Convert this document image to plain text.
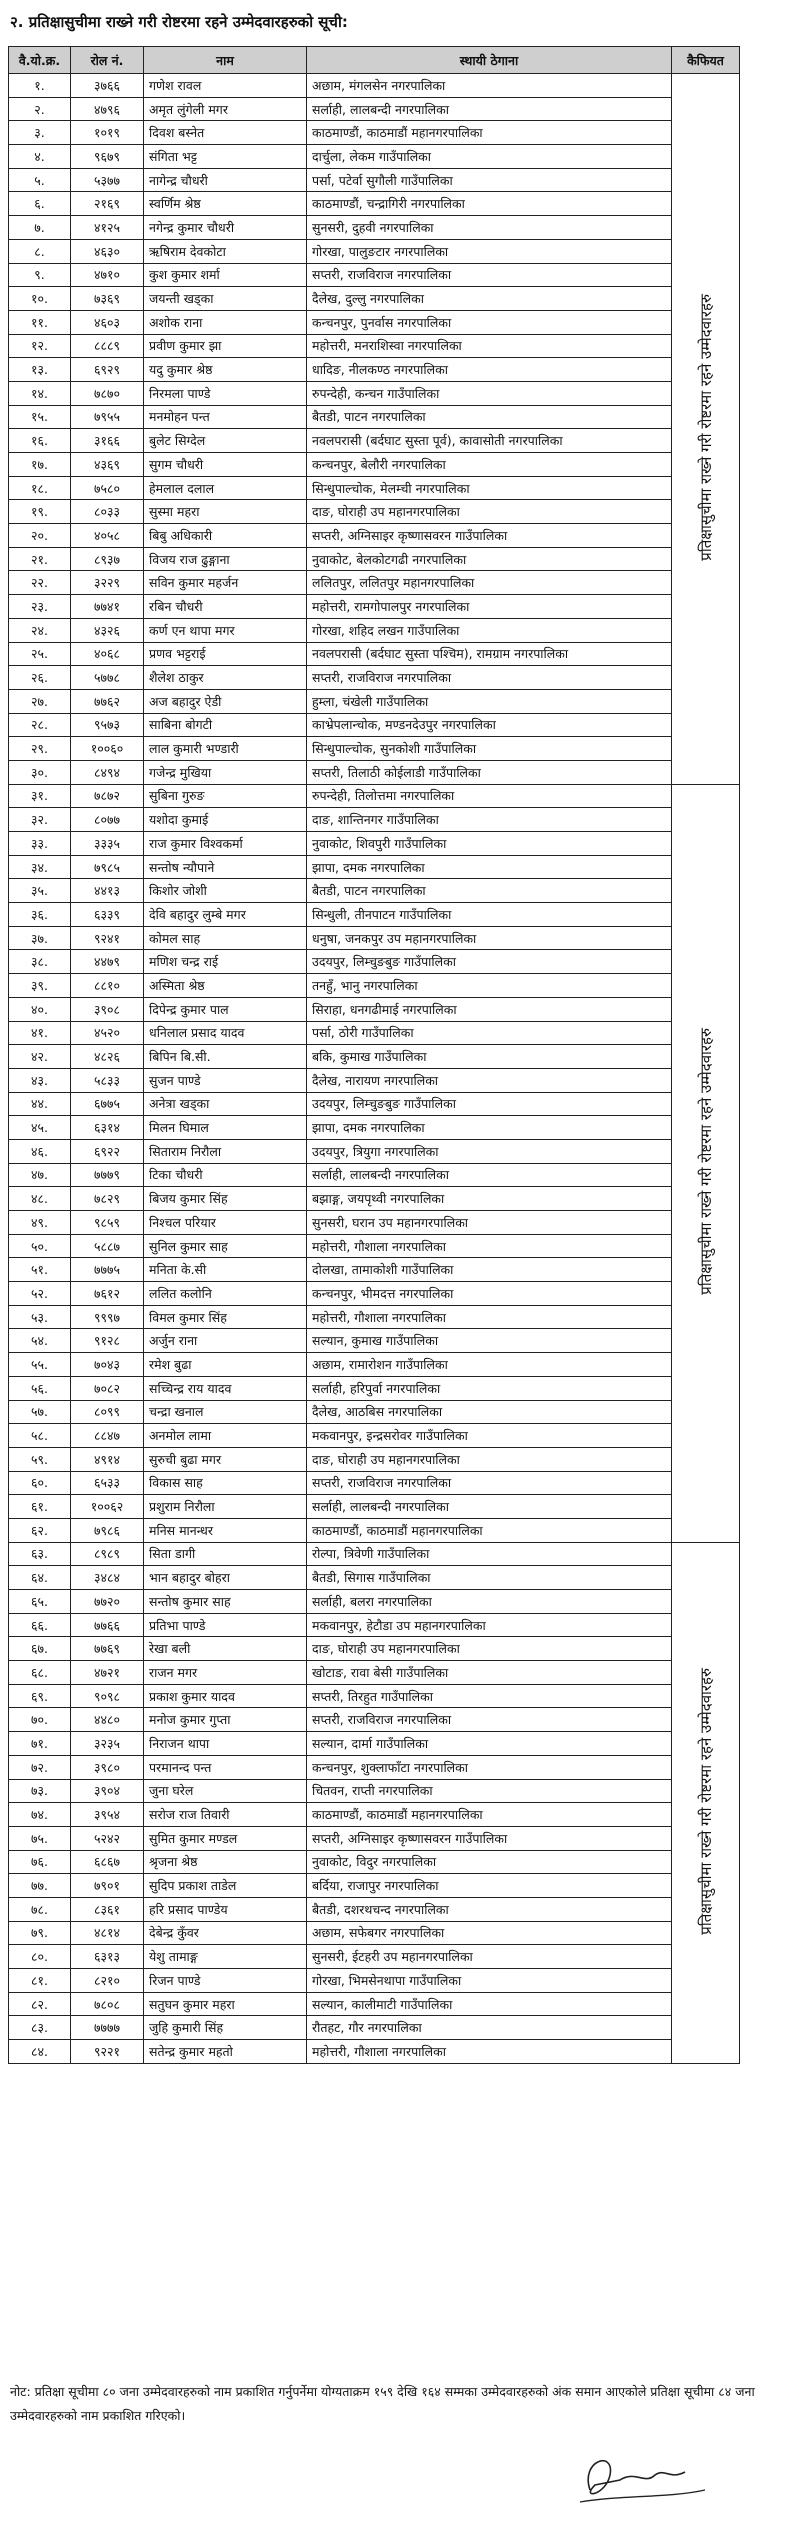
२. प्रतिक्षासुचीमा राख्ने गरी रोष्टरमा रहने उम्मेदवारहरुको सूची:
वै.यो.क्र.	रोल नं.	नाम	स्थायी ठेगाना	कैफियत
१.	३७६६	गणेश रावल	अछाम, मंगलसेन नगरपालिका	प्रतिक्षासुचीमा राख्ने गरी रोष्टरमा रहने उम्मेदवारहरु
२.	४७९६	अमृत लुंगेली मगर	सर्लाही, लालबन्दी नगरपालिका	
३.	१०१९	दिवश बस्नेत	काठमाण्डौं, काठमाडौं महानगरपालिका	
४.	९६७९	संगिता भट्ट	दार्चुला, लेकम गाउँपालिका	
५.	५३७७	नागेन्द्र चौधरी	पर्सा, पटेर्वा सुगौली गाउँपालिका	
६.	२१६९	स्वर्णिम श्रेष्ठ	काठमाण्डौं, चन्द्रागिरी नगरपालिका	
७.	४१२५	नगेन्द्र कुमार चौधरी	सुनसरी, दुहवी नगरपालिका	
८.	४६३०	ऋषिराम देवकोटा	गोरखा, पालुङटार नगरपालिका	
९.	४७१०	कुश कुमार शर्मा	सप्तरी, राजविराज नगरपालिका	
१०.	७३६९	जयन्ती खड्का	दैलेख, दुल्लु नगरपालिका	
११.	४६०३	अशोक राना	कन्चनपुर, पुनर्वास नगरपालिका	
१२.	८८८९	प्रवीण कुमार झा	महोत्तरी, मनराशिस्वा नगरपालिका	
१३.	६९२९	यदु कुमार श्रेष्ठ	धादिङ, नीलकण्ठ नगरपालिका	
१४.	७८७०	निरमला पाण्डे	रुपन्देही, कन्चन गाउँपालिका	
१५.	७९५५	मनमोहन पन्त	बैतडी, पाटन नगरपालिका	
१६.	३१६६	बुलेट सिग्देल	नवलपरासी (बर्दघाट सुस्ता पूर्व), कावासोती नगरपालिका	
१७.	४३६९	सुगम चौधरी	कन्चनपुर, बेलौरी नगरपालिका	
१८.	७५८०	हेमलाल दलाल	सिन्धुपाल्चोक, मेलम्ची नगरपालिका	
१९.	८०३३	सुस्मा महरा	दाङ, घोराही उप महानगरपालिका	
२०.	४०५८	बिबु अधिकारी	सप्तरी, अग्निसाइर कृष्णासवरन गाउँपालिका	
२१.	८९३७	विजय राज ढुङ्गाना	नुवाकोट, बेलकोटगढी नगरपालिका	
२२.	३२२९	सविन कुमार महर्जन	ललितपुर, ललितपुर महानगरपालिका	
२३.	७७४१	रबिन चौधरी	महोत्तरी, रामगोपालपुर नगरपालिका	
२४.	४३२६	कर्ण एन थापा मगर	गोरखा, शहिद लखन गाउँपालिका	
२५.	४०६८	प्रणव भट्टराई	नवलपरासी (बर्दघाट सुस्ता पश्चिम), रामग्राम नगरपालिका	
२६.	५७७८	शैलेश ठाकुर	सप्तरी, राजविराज नगरपालिका	
२७.	७७६२	अज बहादुर ऐडी	हुम्ला, चंखेली गाउँपालिका	
२८.	९५७३	साबिना बोगटी	काभ्रेपलान्चोक, मण्डनदेउपुर नगरपालिका	
२९.	१००६०	लाल कुमारी भण्डारी	सिन्धुपाल्चोक, सुनकोशी गाउँपालिका	
३०.	८४९४	गजेन्द्र मुखिया	सप्तरी, तिलाठी कोईलाडी गाउँपालिका	
३१.	७८७२	सुबिना गुरुङ	रुपन्देही, तिलोत्तमा नगरपालिका	प्रतिक्षासुचीमा राख्ने गरी रोष्टरमा रहने उम्मेदवारहरु
३२.	८०७७	यशोदा कुमाई	दाङ, शान्तिनगर गाउँपालिका	
३३.	३३३५	राज कुमार विश्वकर्मा	नुवाकोट, शिवपुरी गाउँपालिका	
३४.	७९८५	सन्तोष न्यौपाने	झापा, दमक नगरपालिका	
३५.	४४१३	किशोर जोशी	बैतडी, पाटन नगरपालिका	
३६.	६३३९	देवि बहादुर लुम्बे मगर	सिन्धुली, तीनपाटन गाउँपालिका	
३७.	९२४१	कोमल साह	धनुषा, जनकपुर उप महानगरपालिका	
३८.	४४७९	मणिश चन्द्र राई	उदयपुर, लिम्चुङबुङ गाउँपालिका	
३९.	८८१०	अस्मिता श्रेष्ठ	तनहुँ, भानु नगरपालिका	
४०.	३९०८	दिपेन्द्र कुमार पाल	सिराहा, धनगढीमाई नगरपालिका	
४१.	४५२०	धनिलाल प्रसाद यादव	पर्सा, ठोरी गाउँपालिका	
४२.	४८२६	बिपिन बि.सी.	बकि, कुमाख गाउँपालिका	
४३.	५८३३	सुजन पाण्डे	दैलेख, नारायण नगरपालिका	
४४.	६७७५	अनेत्रा खड्का	उदयपुर, लिम्चुङबुङ गाउँपालिका	
४५.	६३१४	मिलन घिमाल	झापा, दमक नगरपालिका	
४६.	६९२२	सिताराम निरौला	उदयपुर, त्रियुगा नगरपालिका	
४७.	७७७९	टिका चौधरी	सर्लाही, लालबन्दी नगरपालिका	
४८.	७८२९	बिजय कुमार सिंह	बझाङ्ग, जयपृथ्वी नगरपालिका	
४९.	९८५९	निश्चल परियार	सुनसरी, घरान उप महानगरपालिका	
५०.	५८८७	सुनिल कुमार साह	महोत्तरी, गौशाला नगरपालिका	
५१.	७७७५	मनिता के.सी	दोलखा, तामाकोशी गाउँपालिका	
५२.	७६१२	ललित कलोनि	कन्चनपुर, भीमदत्त नगरपालिका	
५३.	९९९७	विमल कुमार सिंह	महोत्तरी, गौशाला नगरपालिका	
५४.	९१२८	अर्जुन राना	सल्यान, कुमाख गाउँपालिका	
५५.	७०४३	रमेश बुढा	अछाम, रामारोशन गाउँपालिका	
५६.	७०८२	सच्चिन्द्र राय यादव	सर्लाही, हरिपुर्वा नगरपालिका	
५७.	८०९९	चन्द्रा खनाल	दैलेख, आठबिस नगरपालिका	
५८.	८८४७	अनमोल लामा	मकवानपुर, इन्द्रसरोवर गाउँपालिका	
५९.	४९१४	सुरुची बुढा मगर	दाङ, घोराही उप महानगरपालिका	
६०.	६५३३	विकास साह	सप्तरी, राजविराज नगरपालिका	
६१.	१००६२	प्रशुराम निरौला	सर्लाही, लालबन्दी नगरपालिका	
६२.	७९८६	मनिस मानन्धर	काठमाण्डौं, काठमाडौं महानगरपालिका	
६३.	८९८९	सिता डागी	रोल्पा, त्रिवेणी गाउँपालिका	प्रतिक्षासुचीमा राख्ने गरी रोष्टरमा रहने उम्मेदवारहरु
६४.	३४८४	भान बहादुर बोहरा	बैतडी, सिगास गाउँपालिका	
६५.	७७२०	सन्तोष कुमार साह	सर्लाही, बलरा नगरपालिका	
६६.	७७६६	प्रतिभा पाण्डे	मकवानपुर, हेटौडा उप महानगरपालिका	
६७.	७७६९	रेखा बली	दाङ, घोराही उप महानगरपालिका	
६८.	४७२१	राजन मगर	खोटाङ, रावा बेसी गाउँपालिका	
६९.	९०९८	प्रकाश कुमार यादव	सप्तरी, तिरहुत गाउँपालिका	
७०.	४४८०	मनोज कुमार गुप्ता	सप्तरी, राजविराज नगरपालिका	
७१.	३२३५	निराजन थापा	सल्यान, दार्मा गाउँपालिका	
७२.	३९८०	परमानन्द पन्त	कन्चनपुर, शुक्लाफाँटा नगरपालिका	
७३.	३९०४	जुना घरेल	चितवन, राप्ती नगरपालिका	
७४.	३९५४	सरोज राज तिवारी	काठमाण्डौं, काठमाडौं महानगरपालिका	
७५.	५२४२	सुमित कुमार मण्डल	सप्तरी, अग्निसाइर कृष्णासवरन गाउँपालिका	
७६.	६८६७	श्रृजना श्रेष्ठ	नुवाकोट, विदुर नगरपालिका	
७७.	७९०१	सुदिप प्रकाश ताडेल	बर्दिया, राजापुर नगरपालिका	
७८.	८३६१	हरि प्रसाद पाण्डेय	बैतडी, दशरथचन्द नगरपालिका	
७९.	४८१४	देबेन्द्र कुँवर	अछाम, सफेबगर नगरपालिका	
८०.	६३१३	येशु तामाङ्ग	सुनसरी, ईटहरी उप महानगरपालिका	
८१.	८२१०	रिजन पाण्डे	गोरखा, भिमसेनथापा गाउँपालिका	
८२.	७८०८	सतुघन कुमार महरा	सल्यान, कालीमाटी गाउँपालिका	
८३.	७७७७	जुहि कुमारी सिंह	रौतहट, गौर नगरपालिका	
८४.	९२२१	सतेन्द्र कुमार महतो	महोत्तरी, गौशाला नगरपालिका	
नोट: प्रतिक्षा सूचीमा ८० जना उम्मेदवारहरुको नाम प्रकाशित गर्नुपर्नेमा योग्यताक्रम १५९ देखि १६४ सम्मका उम्मेदवारहरुको अंक समान आएकोले प्रतिक्षा सूचीमा ८४ जना उम्मेदवारहरुको नाम प्रकाशित गरिएको।
